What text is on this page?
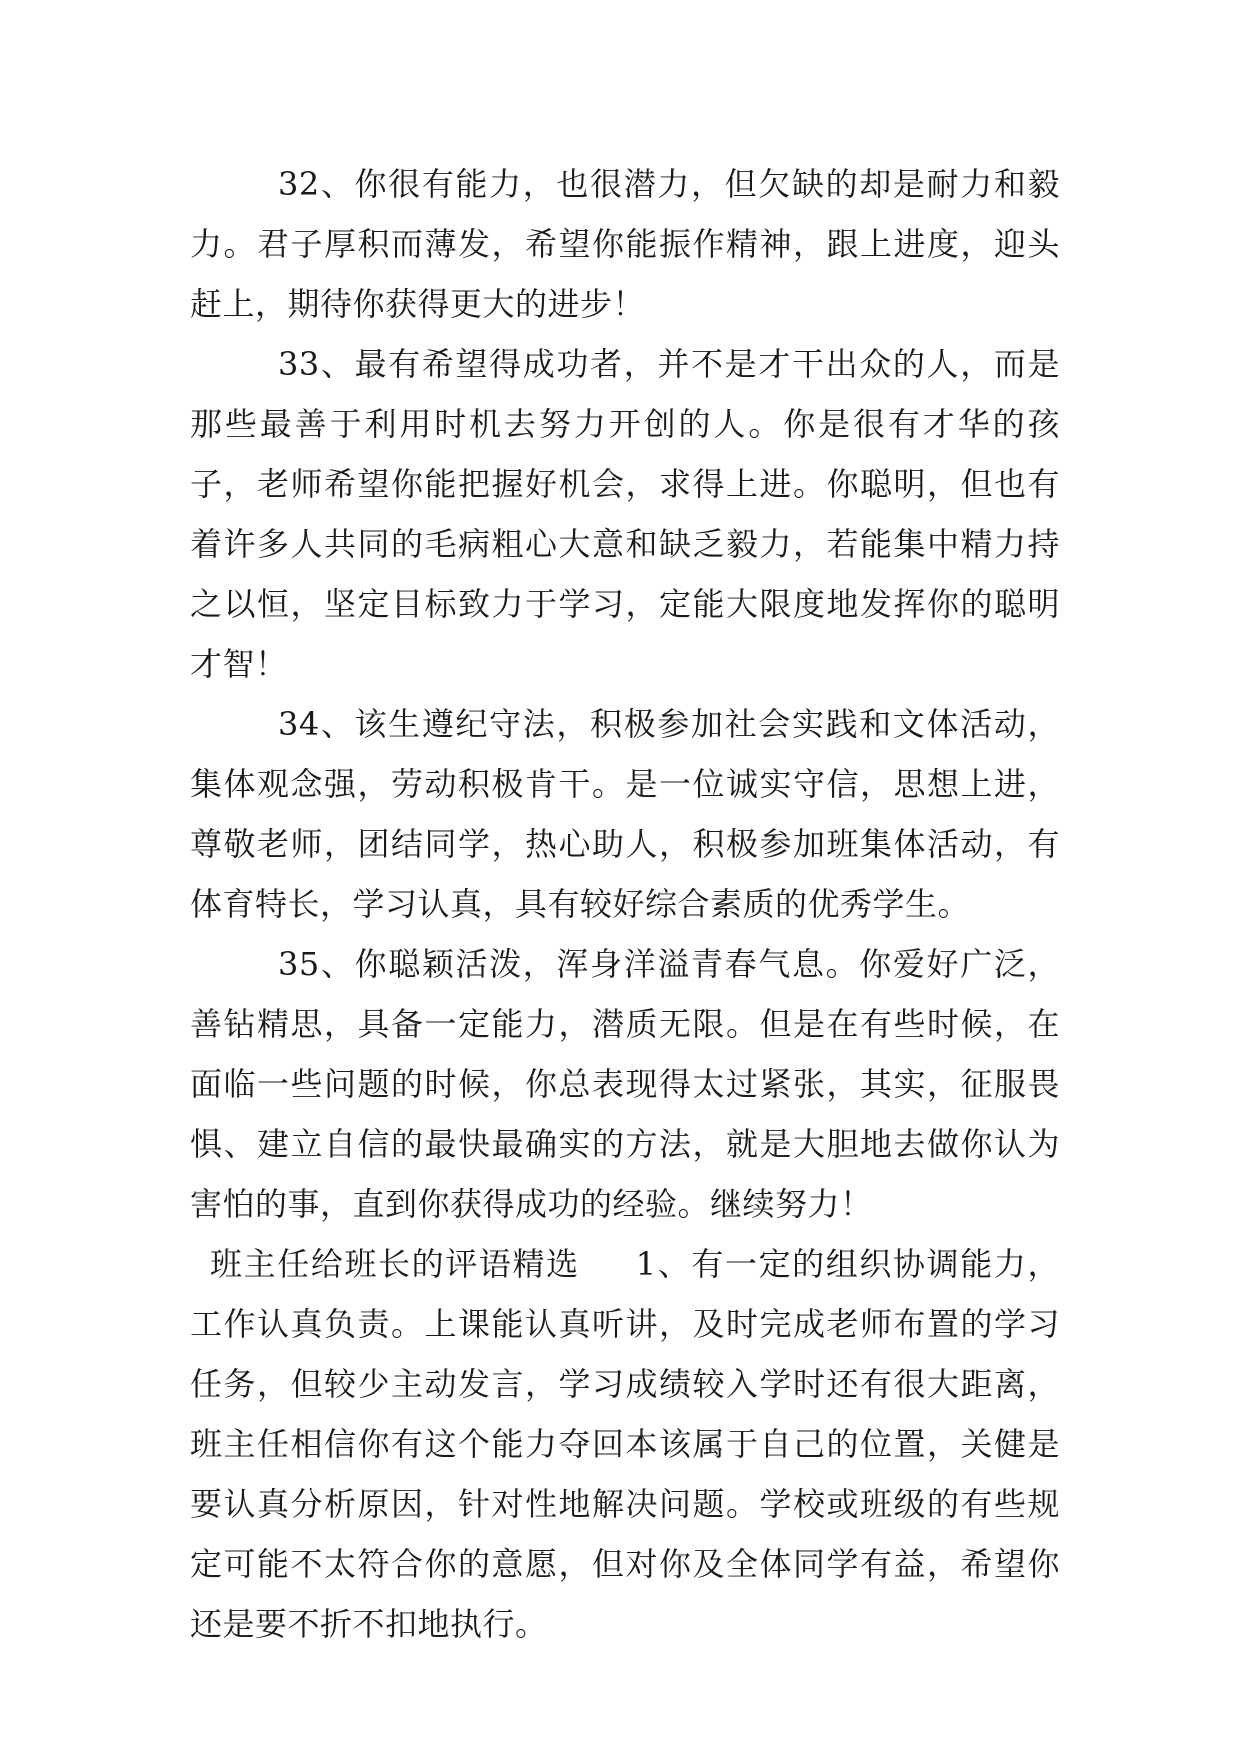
32、你很有能力，也很潜力，但欠缺的却是耐力和毅力。君子厚积而薄发，希望你能振作精神，跟上进度，迎头赶上，期待你获得更大的进步！

33、最有希望得成功者，并不是才干出众的人，而是那些最善于利用时机去努力开创的人。你是很有才华的孩子，老师希望你能把握好机会，求得上进。你聪明，但也有着许多人共同的毛病粗心大意和缺乏毅力，若能集中精力持之以恒，坚定目标致力于学习，定能大限度地发挥你的聪明才智！

34、该生遵纪守法，积极参加社会实践和文体活动，集体观念强，劳动积极肯干。是一位诚实守信，思想上进，尊敬老师，团结同学，热心助人，积极参加班集体活动，有体育特长，学习认真，具有较好综合素质的优秀学生。

35、你聪颖活泼，浑身洋溢青春气息。你爱好广泛，善钻精思，具备一定能力，潜质无限。但是在有些时候，在面临一些问题的时候，你总表现得太过紧张，其实，征服畏惧、建立自信的最快最确实的方法，就是大胆地去做你认为害怕的事，直到你获得成功的经验。继续努力！

班主任给班长的评语精选 1、有一定的组织协调能力，工作认真负责。上课能认真听讲，及时完成老师布置的学习任务，但较少主动发言，学习成绩较入学时还有很大距离，班主任相信你有这个能力夺回本该属于自己的位置，关健是要认真分析原因，针对性地解决问题。学校或班级的有些规定可能不太符合你的意愿，但对你及全体同学有益，希望你还是要不折不扣地执行。
